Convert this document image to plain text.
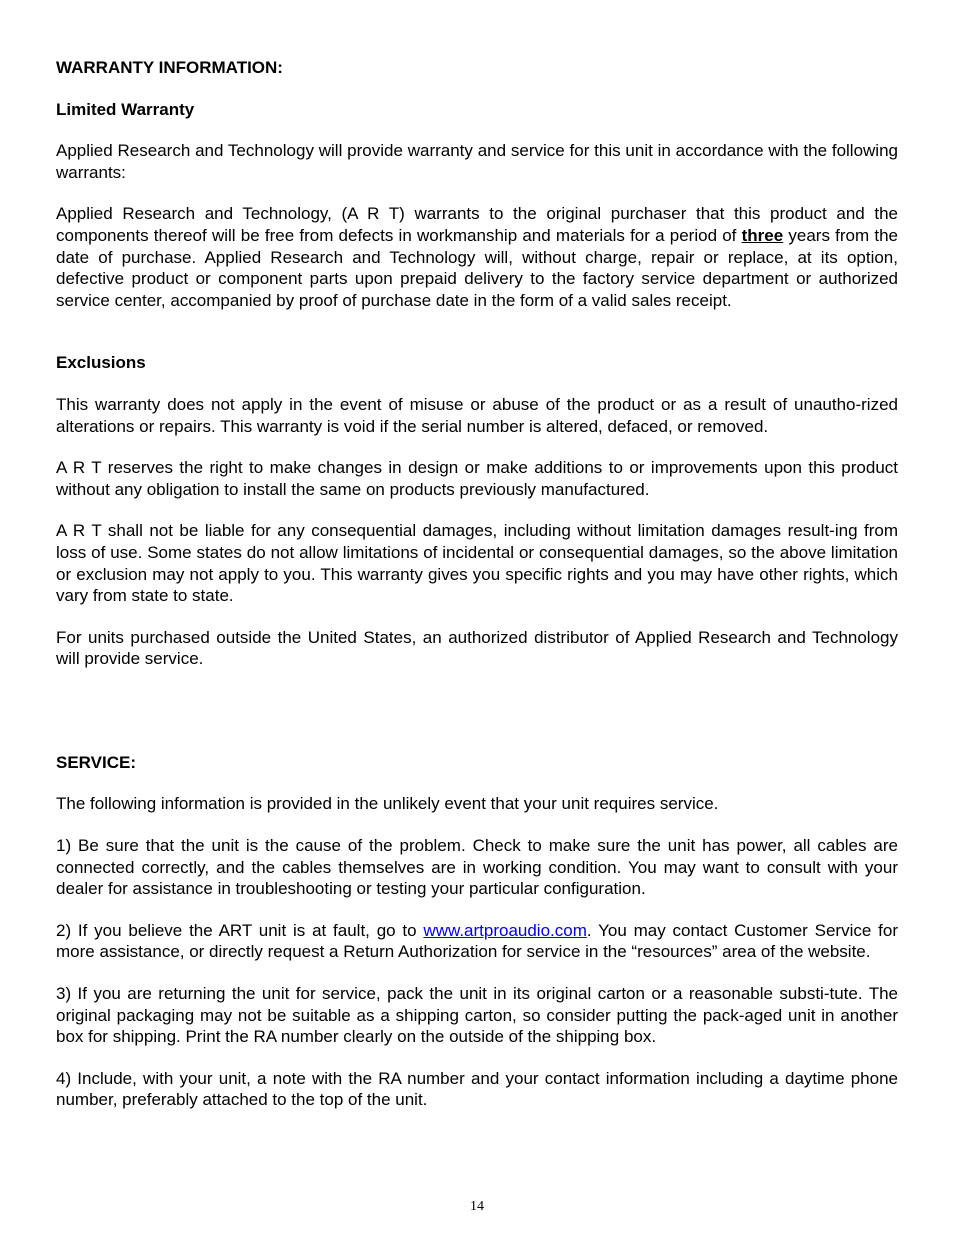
WARRANTY INFORMATION:

Limited Warranty

Applied Research and Technology will provide warranty and service for this unit in accordance with the following warrants:

Applied Research and Technology, (A R T) warrants to the original purchaser that this product and the components thereof will be free from defects in workmanship and materials for a period of three years from the date of purchase. Applied Research and Technology will, without charge, repair or replace, at its option, defective product or component parts upon prepaid delivery to the factory service department or authorized service center, accompanied by proof of purchase date in the form of a valid sales receipt.

Exclusions

This warranty does not apply in the event of misuse or abuse of the product or as a result of unautho-rized alterations or repairs. This warranty is void if the serial number is altered, defaced, or removed.

A R T reserves the right to make changes in design or make additions to or improvements upon this product without any obligation to install the same on products previously manufactured.

A R T shall not be liable for any consequential damages, including without limitation damages result-ing from loss of use. Some states do not allow limitations of incidental or consequential damages, so the above limitation or exclusion may not apply to you. This warranty gives you specific rights and you may have other rights, which vary from state to state.

For units purchased outside the United States, an authorized distributor of Applied Research and Technology will provide service.

SERVICE:

The following information is provided in the unlikely event that your unit requires service.

1) Be sure that the unit is the cause of the problem. Check to make sure the unit has power, all cables are connected correctly, and the cables themselves are in working condition. You may want to consult with your dealer for assistance in troubleshooting or testing your particular configuration.

2) If you believe the ART unit is at fault, go to www.artproaudio.com. You may contact Customer Service for more assistance, or directly request a Return Authorization for service in the “resources” area of the website.

3) If you are returning the unit for service, pack the unit in its original carton or a reasonable substi-tute. The original packaging may not be suitable as a shipping carton, so consider putting the pack-aged unit in another box for shipping. Print the RA number clearly on the outside of the shipping box.

4) Include, with your unit, a note with the RA number and your contact information including a daytime phone number, preferably attached to the top of the unit.

14
